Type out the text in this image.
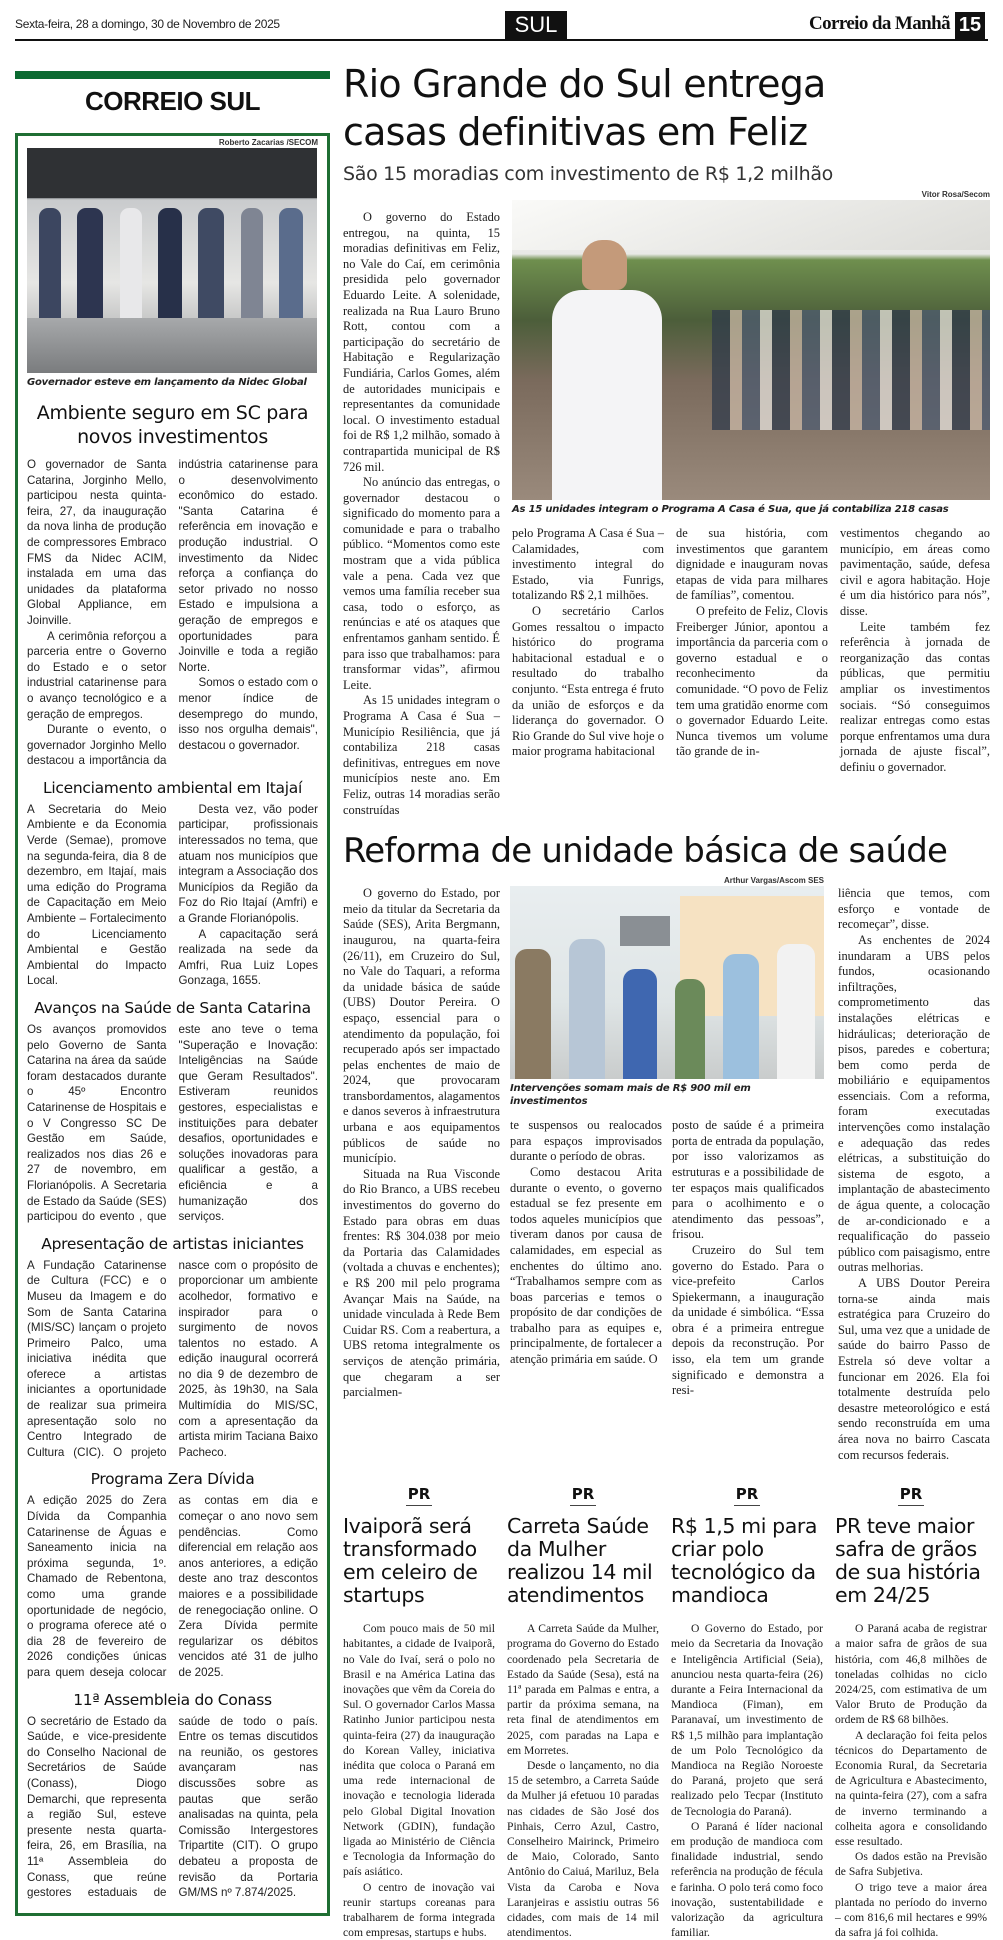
Sexta-feira, 28 a domingo, 30 de Novembro de 2025	SUL	Correio da Manhã 15
CORREIO SUL
Roberto Zacarias /SECOM
Governador esteve em lançamento da Nidec Global
Ambiente seguro em SC para novos investimentos

O governador de Santa Catarina, Jorginho Mello, participou nesta quinta-feira, 27, da inauguração da nova linha de produção de compressores Embraco FMS da Nidec ACIM, instalada em uma das unidades da plataforma Global Appliance, em Joinville.

A cerimônia reforçou a parceria entre o Governo do Estado e o setor industrial catarinense para o avanço tecnológico e a geração de empregos.

Durante o evento, o governador Jorginho Mello destacou a importância da indústria catarinense para o desenvolvimento econômico do estado. "Santa Catarina é referência em inovação e produção industrial. O investimento da Nidec reforça a confiança do setor privado no nosso Estado e impulsiona a geração de empregos e oportunidades para Joinville e toda a região Norte.

Somos o estado com o menor índice de desemprego do mundo, isso nos orgulha demais", destacou o governador.

Licenciamento ambiental em Itajaí

A Secretaria do Meio Ambiente e da Economia Verde (Semae), promove na segunda-feira, dia 8 de dezembro, em Itajaí, mais uma edição do Programa de Capacitação em Meio Ambiente – Fortalecimento do Licenciamento Ambiental e Gestão Ambiental do Impacto Local.

Desta vez, vão poder participar, profissionais interessados no tema, que atuam nos municípios que integram a Associação dos Municípios da Região da Foz do Rio Itajaí (Amfri) e a Grande Florianópolis.

A capacitação será realizada na sede da Amfri, Rua Luiz Lopes Gonzaga, 1655.

Avanços na Saúde de Santa Catarina

Os avanços promovidos pelo Governo de Santa Catarina na área da saúde foram destacados durante o 45º Encontro Catarinense de Hospitais e o V Congresso SC De Gestão em Saúde, realizados nos dias 26 e 27 de novembro, em Florianópolis. A Secretaria de Estado da Saúde (SES) participou do evento , que este ano teve o tema "Superação e Inovação: Inteligências na Saúde que Geram Resultados". Estiveram reunidos gestores, especialistas e instituições para debater desafios, oportunidades e soluções inovadoras para qualificar a gestão, a eficiência e a humanização dos serviços.

Apresentação de artistas iniciantes

A Fundação Catarinense de Cultura (FCC) e o Museu da Imagem e do Som de Santa Catarina (MIS/SC) lançam o projeto Primeiro Palco, uma iniciativa inédita que oferece a artistas iniciantes a oportunidade de realizar sua primeira apresentação solo no Centro Integrado de Cultura (CIC). O projeto nasce com o propósito de proporcionar um ambiente acolhedor, formativo e inspirador para o surgimento de novos talentos no estado. A edição inaugural ocorrerá no dia 9 de dezembro de 2025, às 19h30, na Sala Multimídia do MIS/SC, com a apresentação da artista mirim Taciana Baixo Pacheco.

Programa Zera Dívida

A edição 2025 do Zera Dívida da Companhia Catarinense de Águas e Saneamento inicia na próxima segunda, 1º. Chamado de Rebentona, como uma grande oportunidade de negócio, o programa oferece até o dia 28 de fevereiro de 2026 condições únicas para quem deseja colocar as contas em dia e começar o ano novo sem pendências. Como diferencial em relação aos anos anteriores, a edição deste ano traz descontos maiores e a possibilidade de renegociação online. O Zera Dívida permite regularizar os débitos vencidos até 31 de julho de 2025.

11ª Assembleia do Conass

O secretário de Estado da Saúde, e vice-presidente do Conselho Nacional de Secretários de Saúde (Conass), Diogo Demarchi, que representa a região Sul, esteve presente nesta quarta-feira, 26, em Brasília, na 11ª Assembleia do Conass, que reúne gestores estaduais de saúde de todo o país. Entre os temas discutidos na reunião, os gestores avançaram nas discussões sobre as pautas que serão analisadas na quinta, pela Comissão Intergestores Tripartite (CIT). O grupo debateu a proposta de revisão da Portaria GM/MS nº 7.874/2025.

Rio Grande do Sul entrega
casas definitivas em Feliz
São 15 moradias com investimento de R$ 1,2 milhão

O governo do Estado entregou, na quinta, 15 moradias definitivas em Feliz, no Vale do Caí, em cerimônia presidida pelo governador Eduardo Leite. A solenidade, realizada na Rua Lauro Bruno Rott, contou com a participação do secretário de Habitação e Regularização Fundiária, Carlos Gomes, além de autoridades municipais e representantes da comunidade local. O investimento estadual foi de R$ 1,2 milhão, somado à contrapartida municipal de R$ 726 mil.

No anúncio das entregas, o governador destacou o significado do momento para a comunidade e para o trabalho público. “Momentos como este mostram que a vida pública vale a pena. Cada vez que vemos uma família receber sua casa, todo o esforço, as renúncias e até os ataques que enfrentamos ganham sentido. É para isso que trabalhamos: para transformar vidas”, afirmou Leite.

As 15 unidades integram o Programa A Casa é Sua – Município Resiliência, que já contabiliza 218 casas definitivas, entregues em nove municípios neste ano. Em Feliz, outras 14 moradias serão construídas

Vitor Rosa/Secom
As 15 unidades integram o Programa A Casa é Sua, que já contabiliza 218 casas

pelo Programa A Casa é Sua – Calamidades, com investimento integral do Estado, via Funrigs, totalizando R$ 2,1 milhões.

O secretário Carlos Gomes ressaltou o impacto histórico do programa habitacional estadual e o resultado do trabalho conjunto. “Esta entrega é fruto da união de esforços e da liderança do governador. O Rio Grande do Sul vive hoje o maior programa habitacional

de sua história, com investimentos que garantem dignidade e inauguram novas etapas de vida para milhares de famílias”, comentou.

O prefeito de Feliz, Clovis Freiberger Júnior, apontou a importância da parceria com o governo estadual e o reconhecimento da comunidade. “O povo de Feliz tem uma gratidão enorme com o governador Eduardo Leite. Nunca tivemos um volume tão grande de in-

vestimentos chegando ao município, em áreas como pavimentação, saúde, defesa civil e agora habitação. Hoje é um dia histórico para nós”, disse.

Leite também fez referência à jornada de reorganização das contas públicas, que permitiu ampliar os investimentos sociais. “Só conseguimos realizar entregas como estas porque enfrentamos uma dura jornada de ajuste fiscal”, definiu o governador.

Reforma de unidade básica de saúde

O governo do Estado, por meio da titular da Secretaria da Saúde (SES), Arita Bergmann, inaugurou, na quarta-feira (26/11), em Cruzeiro do Sul, no Vale do Taquari, a reforma da unidade básica de saúde (UBS) Doutor Pereira. O espaço, essencial para o atendimento da população, foi recuperado após ser impactado pelas enchentes de maio de 2024, que provocaram transbordamentos, alagamentos e danos severos à infraestrutura urbana e aos equipamentos públicos de saúde no município.

Situada na Rua Visconde do Rio Branco, a UBS recebeu investimentos do governo do Estado para obras em duas frentes: R$ 304.038 por meio da Portaria das Calamidades (voltada a chuvas e enchentes); e R$ 200 mil pelo programa Avançar Mais na Saúde, na unidade vinculada à Rede Bem Cuidar RS. Com a reabertura, a UBS retoma integralmente os serviços de atenção primária, que chegaram a ser parcialmen-

Arthur Vargas/Ascom SES
Intervenções somam mais de R$ 900 mil em investimentos

te suspensos ou realocados para espaços improvisados durante o período de obras.

Como destacou Arita durante o evento, o governo estadual se fez presente em todos aqueles municípios que tiveram danos por causa de calamidades, em especial as enchentes do último ano. “Trabalhamos sempre com as boas parcerias e temos o propósito de dar condições de trabalho para as equipes e, principalmente, de fortalecer a atenção primária em saúde. O

posto de saúde é a primeira porta de entrada da população, por isso valorizamos as estruturas e a possibilidade de ter espaços mais qualificados para o acolhimento e o atendimento das pessoas”, frisou.

Cruzeiro do Sul tem governo do Estado. Para o vice-prefeito Carlos Spiekermann, a inauguração da unidade é simbólica. “Essa obra é a primeira entregue depois da reconstrução. Por isso, ela tem um grande significado e demonstra a resi-

liência que temos, com esforço e vontade de recomeçar”, disse.

As enchentes de 2024 inundaram a UBS pelos fundos, ocasionando infiltrações, comprometimento das instalações elétricas e hidráulicas; deterioração de pisos, paredes e cobertura; bem como perda de mobiliário e equipamentos essenciais. Com a reforma, foram executadas intervenções como instalação e adequação das redes elétricas, a substituição do sistema de esgoto, a implantação de abastecimento de água quente, a colocação de ar-condicionado e a requalificação do passeio público com paisagismo, entre outras melhorias.

A UBS Doutor Pereira torna-se ainda mais estratégica para Cruzeiro do Sul, uma vez que a unidade de saúde do bairro Passo de Estrela só deve voltar a funcionar em 2026. Ela foi totalmente destruída pelo desastre meteorológico e está sendo reconstruída em uma área nova no bairro Cascata com recursos federais.

PR
Ivaiporã será transformado em celeiro de startups

Com pouco mais de 50 mil habitantes, a cidade de Ivaiporã, no Vale do Ivaí, será o polo no Brasil e na América Latina das inovações que vêm da Coreia do Sul. O governador Carlos Massa Ratinho Junior participou nesta quinta-feira (27) da inauguração do Korean Valley, iniciativa inédita que coloca o Paraná em uma rede internacional de inovação e tecnologia liderada pelo Global Digital Inovation Network (GDIN), fundação ligada ao Ministério de Ciência e Tecnologia da Informação do país asiático.

O centro de inovação vai reunir startups coreanas para trabalharem de forma integrada com empresas, startups e hubs.

PR
Carreta Saúde da Mulher realizou 14 mil atendimentos

A Carreta Saúde da Mulher, programa do Governo do Estado coordenado pela Secretaria de Estado da Saúde (Sesa), está na 11ª parada em Palmas e entra, a partir da próxima semana, na reta final de atendimentos em 2025, com paradas na Lapa e em Morretes.

Desde o lançamento, no dia 15 de setembro, a Carreta Saúde da Mulher já efetuou 10 paradas nas cidades de São José dos Pinhais, Cerro Azul, Castro, Conselheiro Mairinck, Primeiro de Maio, Colorado, Santo Antônio do Caiuá, Mariluz, Bela Vista da Caroba e Nova Laranjeiras e assistiu outras 56 cidades, com mais de 14 mil atendimentos.

PR
R$ 1,5 mi para criar polo tecnológico da mandioca

O Governo do Estado, por meio da Secretaria da Inovação e Inteligência Artificial (Seia), anunciou nesta quarta-feira (26) durante a Feira Internacional da Mandioca (Fiman), em Paranavaí, um investimento de R$ 1,5 milhão para implantação de um Polo Tecnológico da Mandioca na Região Noroeste do Paraná, projeto que será realizado pelo Tecpar (Instituto de Tecnologia do Paraná).

O Paraná é líder nacional em produção de mandioca com finalidade industrial, sendo referência na produção de fécula e farinha. O polo terá como foco inovação, sustentabilidade e valorização da agricultura familiar.

PR
PR teve maior safra de grãos de sua história em 24/25

O Paraná acaba de registrar a maior safra de grãos de sua história, com 46,8 milhões de toneladas colhidas no ciclo 2024/25, com estimativa de um Valor Bruto de Produção da ordem de R$ 68 bilhões.

A declaração foi feita pelos técnicos do Departamento de Economia Rural, da Secretaria de Agricultura e Abastecimento, na quinta-feira (27), com a safra de inverno terminando a colheita agora e consolidando esse resultado.

Os dados estão na Previsão de Safra Subjetiva.

O trigo teve a maior área plantada no período do inverno – com 816,6 mil hectares e 99% da safra já foi colhida.
